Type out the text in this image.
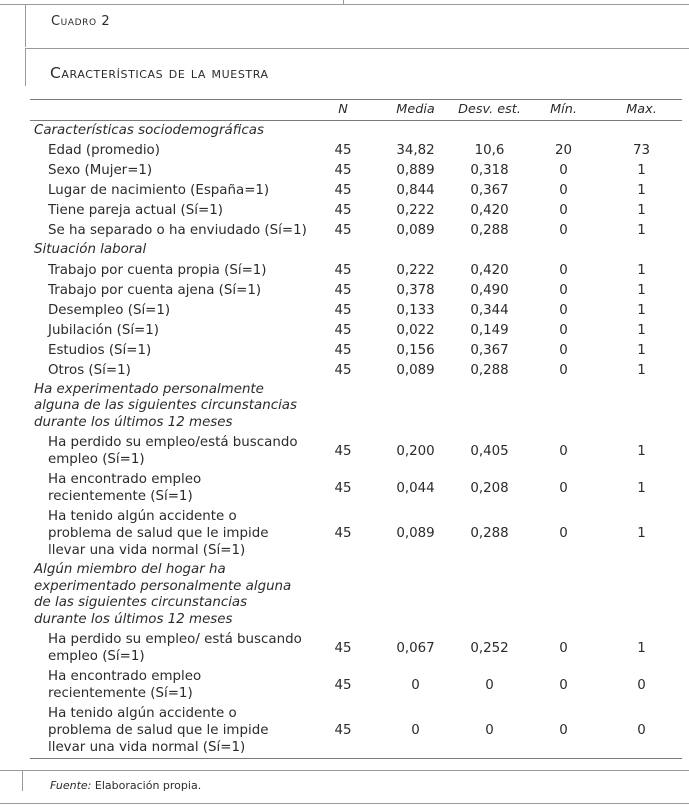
Cuadro 2
Características de la muestra
	N	Media	Desv. est.	Mín.	Max.
Características sociodemográficas					
Edad (promedio)	45	34,82	10,6	20	73
Sexo (Mujer=1)	45	0,889	0,318	0	1
Lugar de nacimiento (España=1)	45	0,844	0,367	0	1
Tiene pareja actual (Sí=1)	45	0,222	0,420	0	1
Se ha separado o ha enviudado (Sí=1)	45	0,089	0,288	0	1
Situación laboral					
Trabajo por cuenta propia (Sí=1)	45	0,222	0,420	0	1
Trabajo por cuenta ajena (Sí=1)	45	0,378	0,490	0	1
Desempleo (Sí=1)	45	0,133	0,344	0	1
Jubilación (Sí=1)	45	0,022	0,149	0	1
Estudios (Sí=1)	45	0,156	0,367	0	1
Otros (Sí=1)	45	0,089	0,288	0	1
Ha experimentado personalmente alguna de las siguientes circunstancias durante los últimos 12 meses					
Ha perdido su empleo/está buscando empleo (Sí=1)	45	0,200	0,405	0	1
Ha encontrado empleo recientemente (Sí=1)	45	0,044	0,208	0	1
Ha tenido algún accidente o problema de salud que le impide llevar una vida normal (Sí=1)	45	0,089	0,288	0	1
Algún miembro del hogar ha experimentado personalmente alguna de las siguientes circunstancias durante los últimos 12 meses					
Ha perdido su empleo/ está buscando empleo (Sí=1)	45	0,067	0,252	0	1
Ha encontrado empleo recientemente (Sí=1)	45	0	0	0	0
Ha tenido algún accidente o problema de salud que le impide llevar una vida normal (Sí=1)	45	0	0	0	0
Fuente: Elaboración propia.
